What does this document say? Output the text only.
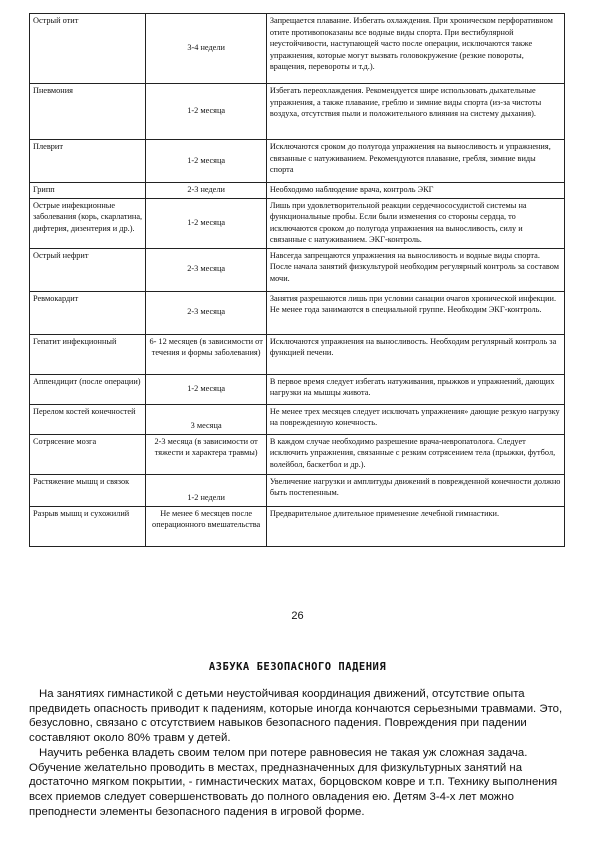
Острый отит	3-4 недели	Запрещается плавание. Избегать охлаждения. При хроническом перфоративном отите противопоказаны все водные виды спорта. При вестибулярной неустойчивости, наступающей часто после операции, исключаются также упражнения, которые могут вызвать головокружение (резкие повороты, вращения, перевороты и т.д.).
Пневмония	1-2 месяца	Избегать переохлаждения. Рекомендуется шире использовать дыхательные упражнения, а также плавание, греблю и зимние виды спорта (из-за чистоты воздуха, отсутствия пыли и положительного влияния на систему дыхания).
Плеврит	1-2 месяца	Исключаются сроком до полугода упражнения на выносливость и упражнения, связанные с натуживанием. Рекомендуются плавание, гребля, зимние виды спорта
Грипп	2-3 недели	Необходимо наблюдение врача, контроль ЭКГ
Острые инфекционные заболевания (корь, скарлатина, дифтерия, дизентерия и др.).	1-2 месяца	Лишь при удовлетворительной реакции сердечнососудистой системы на функциональные пробы. Если были изменения со стороны сердца, то исключаются сроком до полугода упражнения на выносливость, силу и связанные с натуживанием. ЭКГ-контроль.
Острый нефрит	2-3 месяца	Навсегда запрещаются упражнения на выносливость и водные виды спорта. После начала занятий физкультурой необходим регулярный контроль за составом мочи.
Ревмокардит	2-3 месяца	Занятия разрешаются лишь при условии санации очагов хронической инфекции. Не менее года занимаются в специальной группе. Необходим ЭКГ-контроль.
Гепатит инфекционный	6- 12 месяцев (в зависимости от течения и формы заболевания)	Исключаются упражнения на выносливость. Необходим регулярный контроль за функцией печени.
Аппендицит (после операции)	1-2 месяца	В первое время следует избегать натуживания, прыжков и упражнений, дающих нагрузки на мышцы живота.
Перелом костей конечностей	3 месяца	Не менее трех месяцев следует исключать упражнения» дающие резкую нагрузку на поврежденную конечность.
Сотрясение мозга	2-3 месяца (в зависимости от тяжести и характера травмы)	В каждом случае необходимо разрешение врача-невропатолога. Следует исключить упражнения, связанные с резким сотрясением тела (прыжки, футбол, волейбол, баскетбол и др.).
Растяжение мышц и связок	1-2 недели	Увеличение нагрузки и амплитуды движений в поврежденной конечности должно быть постепенным.
Разрыв мышц и сухожилий	Не менее 6 месяцев после операционного вмешательства	Предварительное длительное применение лечебной гимнастики.
26
АЗБУКА БЕЗОПАСНОГО ПАДЕНИЯ

На занятиях гимнастикой с детьми неустойчивая координация движений, отсутствие опыта предвидеть опасность приводит к падениям, которые иногда кончаются серьезными травмами. Это, безусловно, связано с отсутствием навыков безопасного падения. Повреждения при падении составляют около 80% травм у детей.

Научить ребенка владеть своим телом при потере равновесия не такая уж сложная задача. Обучение желательно проводить в местах, предназначенных для физкультурных занятий на достаточно мягком покрытии, - гимнастических матах, борцовском ковре и т.п. Технику выполнения всех приемов следует совершенствовать до полного овладения ею. Детям 3-4-х лет можно преподнести элементы безопасного падения в игровой форме.
